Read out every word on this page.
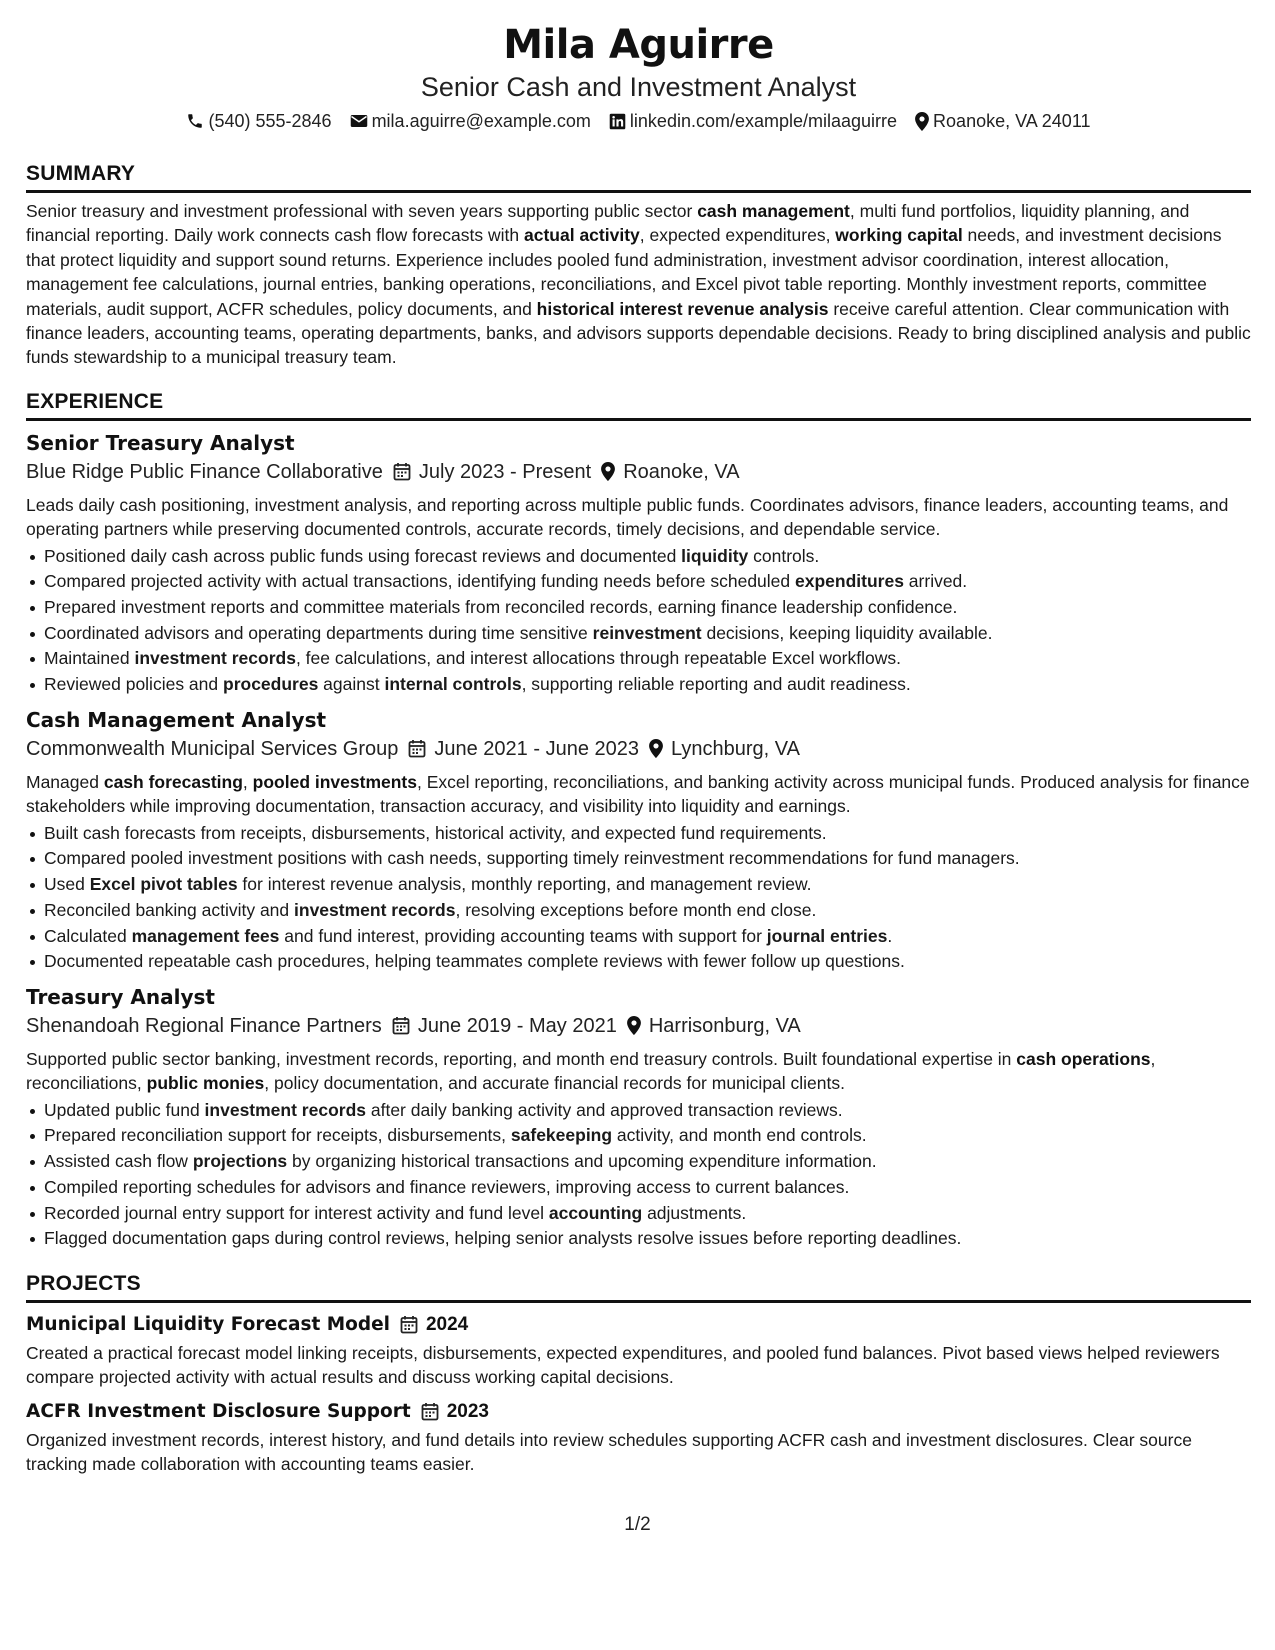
Mila Aguirre
Senior Cash and Investment Analyst
(540) 555-2846 mila.aguirre@example.com linkedin.com/example/milaaguirre Roanoke, VA 24011
SUMMARY

Senior treasury and investment professional with seven years supporting public sector cash management, multi fund portfolios, liquidity planning, and financial reporting. Daily work connects cash flow forecasts with actual activity, expected expenditures, working capital needs, and investment decisions that protect liquidity and support sound returns. Experience includes pooled fund administration, investment advisor coordination, interest allocation, management fee calculations, journal entries, banking operations, reconciliations, and Excel pivot table reporting. Monthly investment reports, committee materials, audit support, ACFR schedules, policy documents, and historical interest revenue analysis receive careful attention. Clear communication with finance leaders, accounting teams, operating departments, banks, and advisors supports dependable decisions. Ready to bring disciplined analysis and public funds stewardship to a municipal treasury team.

EXPERIENCE
Senior Treasury Analyst
Blue Ridge Public Finance Collaborative July 2023 - Present Roanoke, VA

Leads daily cash positioning, investment analysis, and reporting across multiple public funds. Coordinates advisors, finance leaders, accounting teams, and operating partners while preserving documented controls, accurate records, timely decisions, and dependable service.

Positioned daily cash across public funds using forecast reviews and documented liquidity controls.
Compared projected activity with actual transactions, identifying funding needs before scheduled expenditures arrived.
Prepared investment reports and committee materials from reconciled records, earning finance leadership confidence.
Coordinated advisors and operating departments during time sensitive reinvestment decisions, keeping liquidity available.
Maintained investment records, fee calculations, and interest allocations through repeatable Excel workflows.
Reviewed policies and procedures against internal controls, supporting reliable reporting and audit readiness.
Cash Management Analyst
Commonwealth Municipal Services Group June 2021 - June 2023 Lynchburg, VA

Managed cash forecasting, pooled investments, Excel reporting, reconciliations, and banking activity across municipal funds. Produced analysis for finance stakeholders while improving documentation, transaction accuracy, and visibility into liquidity and earnings.

Built cash forecasts from receipts, disbursements, historical activity, and expected fund requirements.
Compared pooled investment positions with cash needs, supporting timely reinvestment recommendations for fund managers.
Used Excel pivot tables for interest revenue analysis, monthly reporting, and management review.
Reconciled banking activity and investment records, resolving exceptions before month end close.
Calculated management fees and fund interest, providing accounting teams with support for journal entries.
Documented repeatable cash procedures, helping teammates complete reviews with fewer follow up questions.
Treasury Analyst
Shenandoah Regional Finance Partners June 2019 - May 2021 Harrisonburg, VA

Supported public sector banking, investment records, reporting, and month end treasury controls. Built foundational expertise in cash operations, reconciliations, public monies, policy documentation, and accurate financial records for municipal clients.

Updated public fund investment records after daily banking activity and approved transaction reviews.
Prepared reconciliation support for receipts, disbursements, safekeeping activity, and month end controls.
Assisted cash flow projections by organizing historical transactions and upcoming expenditure information.
Compiled reporting schedules for advisors and finance reviewers, improving access to current balances.
Recorded journal entry support for interest activity and fund level accounting adjustments.
Flagged documentation gaps during control reviews, helping senior analysts resolve issues before reporting deadlines.
PROJECTS
Municipal Liquidity Forecast Model 2024

Created a practical forecast model linking receipts, disbursements, expected expenditures, and pooled fund balances. Pivot based views helped reviewers compare projected activity with actual results and discuss working capital decisions.

ACFR Investment Disclosure Support 2023

Organized investment records, interest history, and fund details into review schedules supporting ACFR cash and investment disclosures. Clear source tracking made collaboration with accounting teams easier.

1/2
